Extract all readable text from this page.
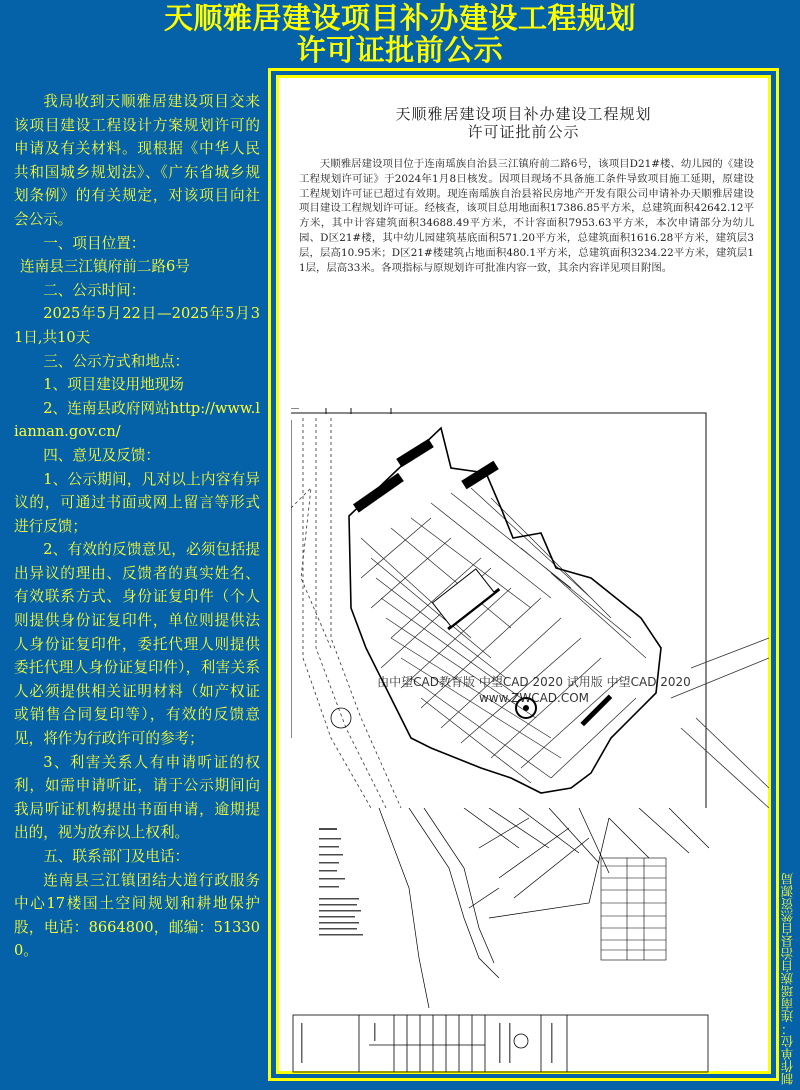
天顺雅居建设项目补办建设工程规划
许可证批前公示

我局收到天顺雅居建设项目交来该项目建设工程设计方案规划许可的申请及有关材料。现根据《中华人民共和国城乡规划法》、《广东省城乡规划条例》的有关规定，对该项目向社会公示。

一、项目位置：

连南县三江镇府前二路6号

二、公示时间：

2025年5月22日—2025年5月31日,共10天

三、公示方式和地点：

1、项目建设用地现场

2、连南县政府网站http://www.liannan.gov.cn/

四、意见及反馈：

1、公示期间，凡对以上内容有异议的，可通过书面或网上留言等形式进行反馈；

2、有效的反馈意见，必须包括提出异议的理由、反馈者的真实姓名、有效联系方式、身份证复印件（个人则提供身份证复印件，单位则提供法人身份证复印件，委托代理人则提供委托代理人身份证复印件），利害关系人必须提供相关证明材料（如产权证或销售合同复印等），有效的反馈意见，将作为行政许可的参考；

3、利害关系人有申请听证的权利，如需申请听证，请于公示期间向我局听证机构提出书面申请，逾期提出的，视为放弃以上权利。

五、联系部门及电话：

连南县三江镇团结大道行政服务中心17楼国土空间规划和耕地保护股，电话：8664800，邮编：513300。

天顺雅居建设项目补办建设工程规划
许可证批前公示
天顺雅居建设项目位于连南瑶族自治县三江镇府前二路6号，该项目D21#楼、幼儿园的《建设工程规划许可证》于2024年1月8日核发。因项目现场不具备施工条件导致项目施工延期，原建设工程规划许可证已超过有效期。现连南瑶族自治县裕民房地产开发有限公司申请补办天顺雅居建设项目建设工程规划许可证。经核查，该项目总用地面积17386.85平方米，总建筑面积42642.12平方米，其中计容建筑面积34688.49平方米，不计容面积7953.63平方米，本次申请部分为幼儿园、D区21#楼，其中幼儿园建筑基底面积571.20平方米，总建筑面积1616.28平方米，建筑层3层，层高10.95米；D区21#楼建筑占地面积480.1平方米，总建筑面积3234.22平方米，建筑层11层，层高33米。各项指标与原规划许可批准内容一致，其余内容详见项目附图。
由中望CAD教育版 中望CAD 2020 试用版 中望CAD 2020
www.ZWCAD.COM
制作单位：连南瑶族自治县自然资源局
